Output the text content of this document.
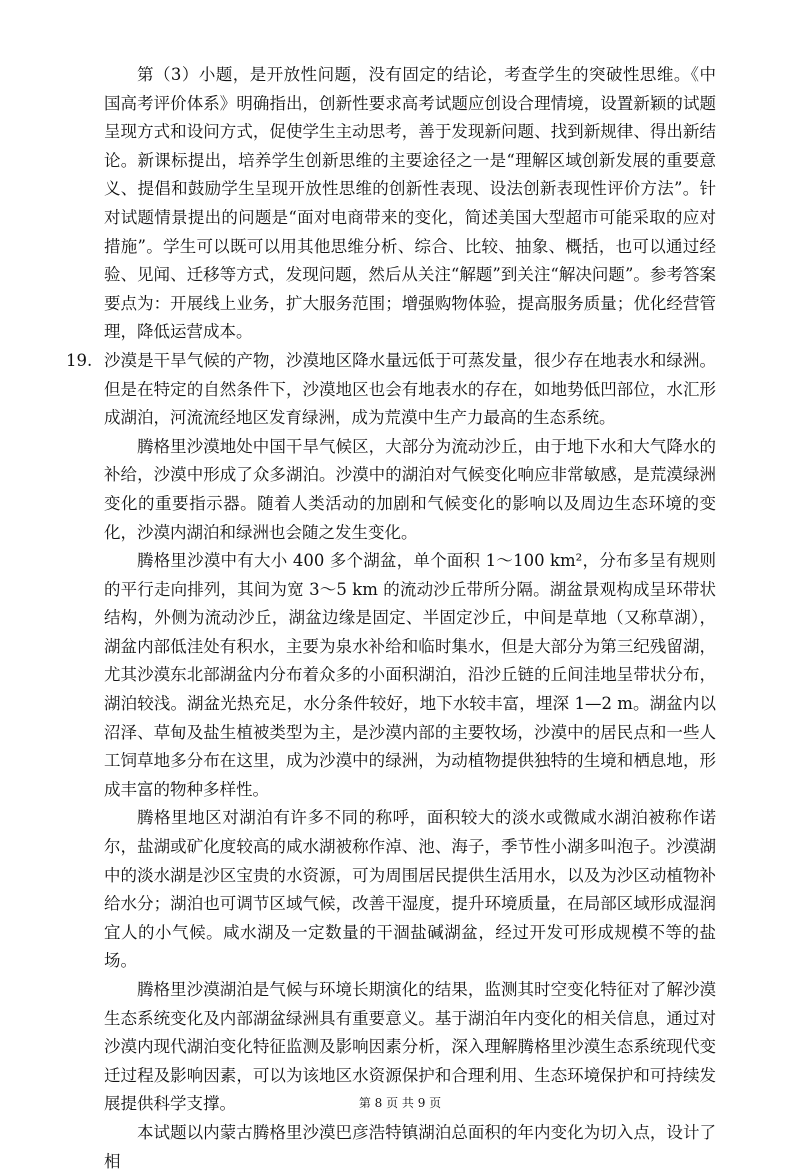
第（3）小题，是开放性问题，没有固定的结论，考查学生的突破性思维。《中国高考评价体系》明确指出，创新性要求高考试题应创设合理情境，设置新颖的试题呈现方式和设问方式，促使学生主动思考，善于发现新问题、找到新规律、得出新结论。新课标提出，培养学生创新思维的主要途径之一是“理解区域创新发展的重要意义、提倡和鼓励学生呈现开放性思维的创新性表现、设法创新表现性评价方法”。针对试题情景提出的问题是“面对电商带来的变化，简述美国大型超市可能采取的应对措施”。学生可以既可以用其他思维分析、综合、比较、抽象、概括，也可以通过经验、见闻、迁移等方式，发现问题，然后从关注“解题”到关注“解决问题”。参考答案要点为：开展线上业务，扩大服务范围；增强购物体验，提高服务质量；优化经营管理，降低运营成本。

19. 沙漠是干旱气候的产物，沙漠地区降水量远低于可蒸发量，很少存在地表水和绿洲。但是在特定的自然条件下，沙漠地区也会有地表水的存在，如地势低凹部位，水汇形成湖泊，河流流经地区发育绿洲，成为荒漠中生产力最高的生态系统。

腾格里沙漠地处中国干旱气候区，大部分为流动沙丘，由于地下水和大气降水的补给，沙漠中形成了众多湖泊。沙漠中的湖泊对气候变化响应非常敏感，是荒漠绿洲变化的重要指示器。随着人类活动的加剧和气候变化的影响以及周边生态环境的变化，沙漠内湖泊和绿洲也会随之发生变化。

腾格里沙漠中有大小 400 多个湖盆，单个面积 1～100 km²，分布多呈有规则的平行走向排列，其间为宽 3～5 km 的流动沙丘带所分隔。湖盆景观构成呈环带状结构，外侧为流动沙丘，湖盆边缘是固定、半固定沙丘，中间是草地（又称草湖），湖盆内部低洼处有积水，主要为泉水补给和临时集水，但是大部分为第三纪残留湖，尤其沙漠东北部湖盆内分布着众多的小面积湖泊，沿沙丘链的丘间洼地呈带状分布，湖泊较浅。湖盆光热充足，水分条件较好，地下水较丰富，埋深 1—2 m。湖盆内以沼泽、草甸及盐生植被类型为主，是沙漠内部的主要牧场，沙漠中的居民点和一些人工饲草地多分布在这里，成为沙漠中的绿洲，为动植物提供独特的生境和栖息地，形成丰富的物种多样性。

腾格里地区对湖泊有许多不同的称呼，面积较大的淡水或微咸水湖泊被称作诺尔，盐湖或矿化度较高的咸水湖被称作淖、池、海子，季节性小湖多叫泡子。沙漠湖中的淡水湖是沙区宝贵的水资源，可为周围居民提供生活用水，以及为沙区动植物补给水分；湖泊也可调节区域气候，改善干湿度，提升环境质量，在局部区域形成湿润宜人的小气候。咸水湖及一定数量的干涸盐碱湖盆，经过开发可形成规模不等的盐场。

腾格里沙漠湖泊是气候与环境长期演化的结果，监测其时空变化特征对了解沙漠生态系统变化及内部湖盆绿洲具有重要意义。基于湖泊年内变化的相关信息，通过对沙漠内现代湖泊变化特征监测及影响因素分析，深入理解腾格里沙漠生态系统现代变迁过程及影响因素，可以为该地区水资源保护和合理利用、生态环境保护和可持续发展提供科学支撑。

本试题以内蒙古腾格里沙漠巴彦浩特镇湖泊总面积的年内变化为切入点，设计了相

第 8 页 共 9 页
